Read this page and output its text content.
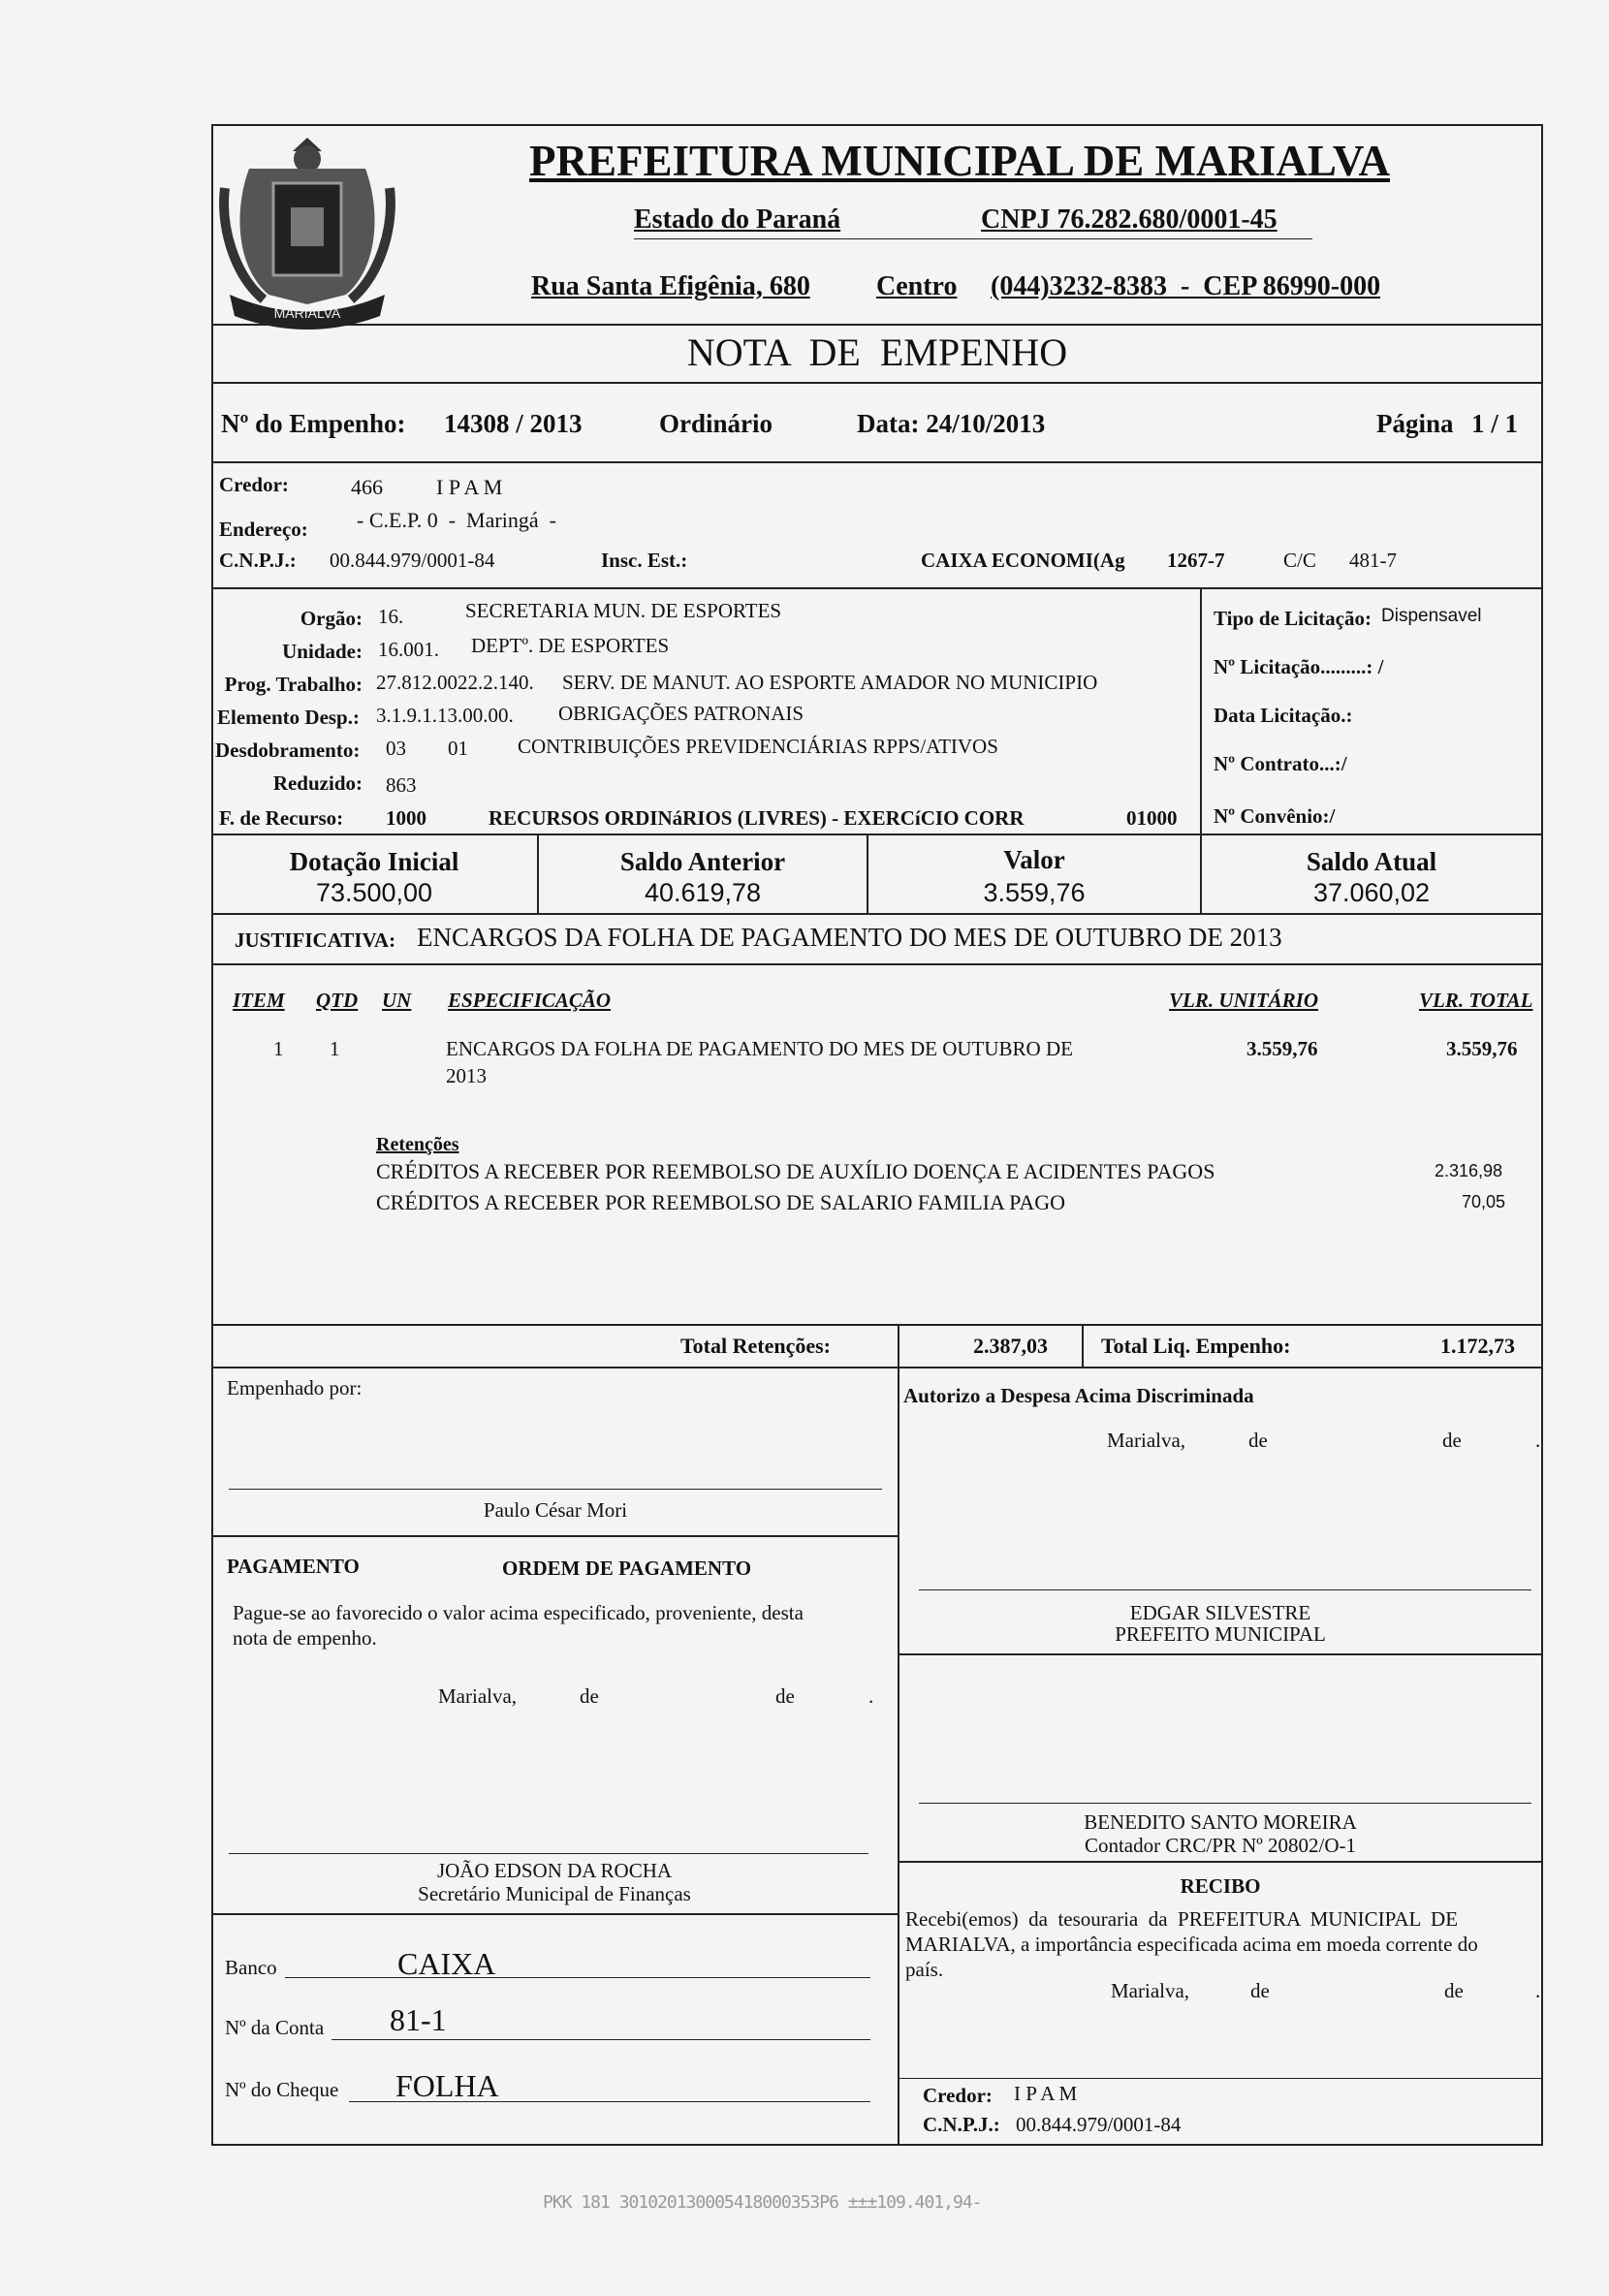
MARIALVA
PREFEITURA MUNICIPAL DE MARIALVA
Estado do Paraná	CNPJ 76.282.680/0001-45
Rua Santa Efigênia, 680 Centro (044)3232-8383  -  CEP 86990-000
NOTA  DE  EMPENHO
Nº do Empenho: 14308 / 2013	Ordinário	Data: 24/10/2013	Página 1 / 1
Credor:	466	I P A M
Endereço: - C.E.P. 0  -  Maringá  -
C.N.P.J.: 00.844.979/0001-84	Insc. Est.:	CAIXA ECONOMI(Ag 1267-7	C/C 481-7
Orgão: 16.	SECRETARIA MUN. DE ESPORTES
Unidade: 16.001. DEPTº. DE ESPORTES
Prog. Trabalho: 27.812.0022.2.140. SERV. DE MANUT. AO ESPORTE AMADOR NO MUNICIPIO
Elemento Desp.: 3.1.9.1.13.00.00. OBRIGAÇÕES PATRONAIS
Desdobramento: 03 01 CONTRIBUIÇÕES PREVIDENCIÁRIAS RPPS/ATIVOS
Reduzido: 863
F. de Recurso: 1000	RECURSOS ORDINáRIOS (LIVRES) - EXERCíCIO CORR	01000
Tipo de Licitação: Dispensavel
Nº Licitação.........: /
Data Licitação.:
Nº Contrato...:/
Nº Convênio:/
Dotação Inicial
73.500,00
Saldo Anterior
40.619,78
Valor
3.559,76
Saldo Atual
37.060,02
JUSTIFICATIVA: ENCARGOS DA FOLHA DE PAGAMENTO DO MES DE OUTUBRO DE 2013
ITEM QTD UN ESPECIFICAÇÃO	VLR. UNITÁRIO	VLR. TOTAL
1 1	ENCARGOS DA FOLHA DE PAGAMENTO DO MES DE OUTUBRO DE
2013
3.559,76	3.559,76
Retenções
CRÉDITOS A RECEBER POR REEMBOLSO DE AUXÍLIO DOENÇA E ACIDENTES PAGOS	2.316,98
CRÉDITOS A RECEBER POR REEMBOLSO DE SALARIO FAMILIA PAGO	70,05
Total Retenções:	2.387,03	Total Liq. Empenho:	1.172,73
Empenhado por:
Paulo César Mori
Autorizo a Despesa Acima Discriminada
Marialva,	de	de	.
EDGAR SILVESTRE
PREFEITO MUNICIPAL
PAGAMENTO	ORDEM DE PAGAMENTO
Pague-se ao favorecido o valor acima especificado, proveniente, desta
nota de empenho.
Marialva,	de	de	.
BENEDITO SANTO MOREIRA
Contador CRC/PR Nº 20802/O-1
JOÃO EDSON DA ROCHA
Secretário Municipal de Finanças	RECIBO
Recebi(emos)  da  tesouraria  da  PREFEITURA  MUNICIPAL  DE
MARIALVA, a importância especificada acima em moeda corrente do
país.
Marialva,	de	de	.
Banco	CAIXA
Nº da Conta 81-1
Nº do Cheque FOLHA	Credor: I P A M
C.N.P.J.: 00.844.979/0001-84
PKK 181 301020130005418000353P6 ±±±109.401,94-
